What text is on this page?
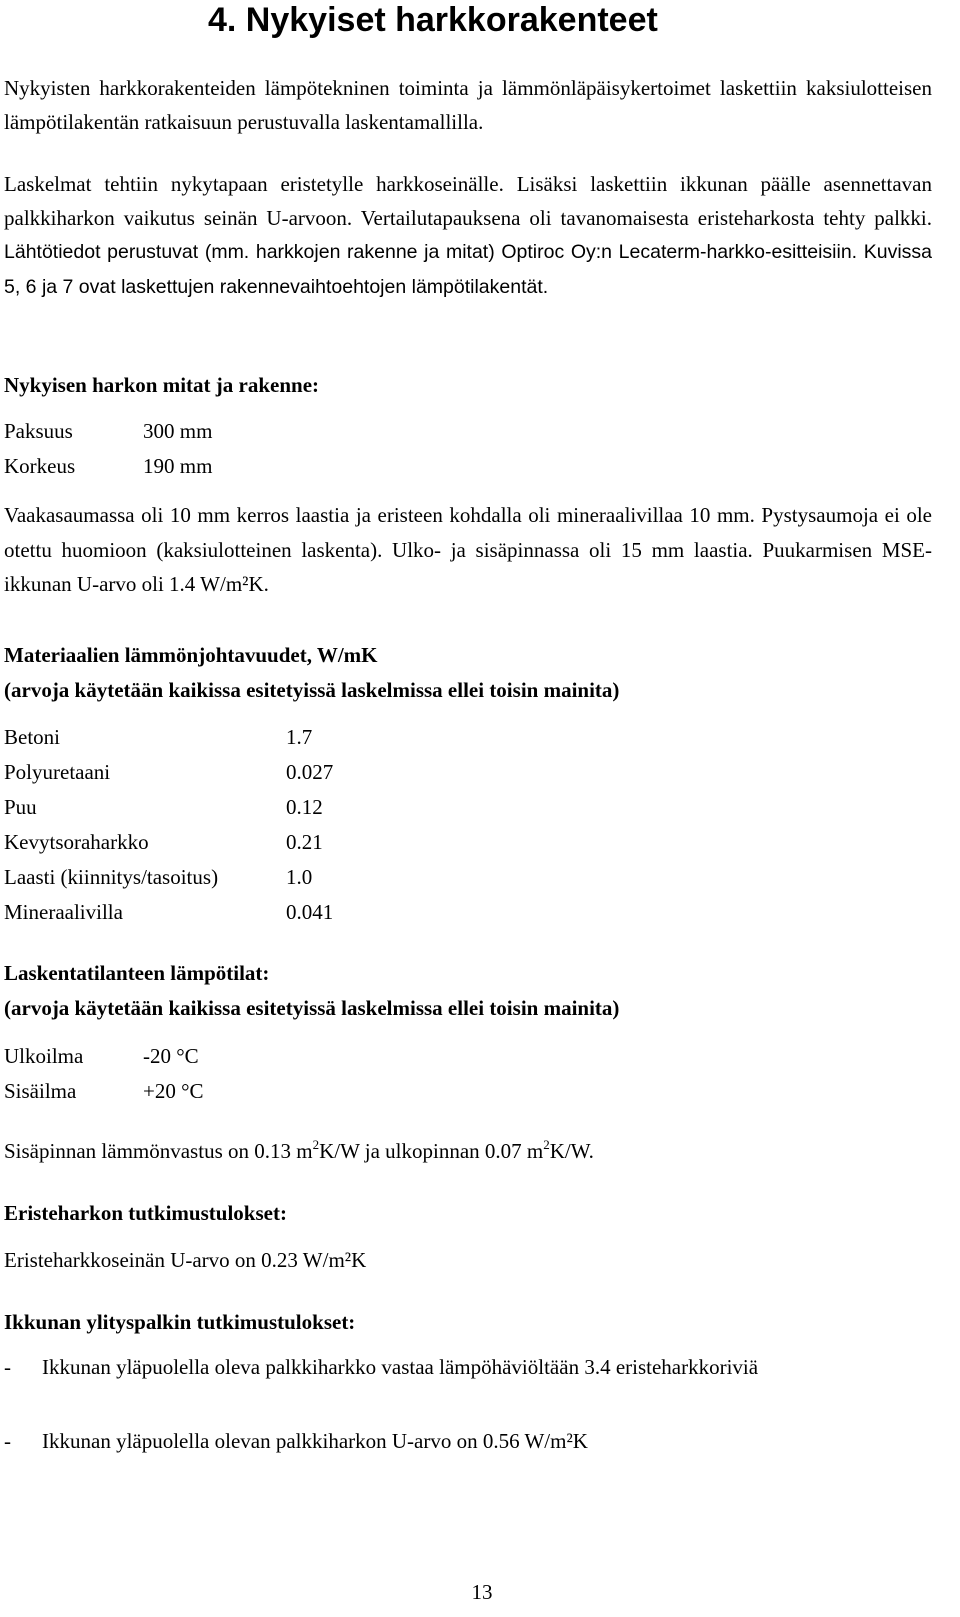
4. Nykyiset harkkorakenteet
Nykyisten harkkorakenteiden lämpötekninen toiminta ja lämmönläpäisykertoimet laskettiin kaksiulotteisen lämpötilakentän ratkaisuun perustuvalla laskentamallilla.
Laskelmat tehtiin nykytapaan eristetylle harkkoseinälle. Lisäksi laskettiin ikkunan päälle asennettavan palkkiharkon vaikutus seinän U-arvoon. Vertailutapauksena oli tavanomaisesta eristeharkosta tehty palkki. Lähtötiedot perustuvat (mm. harkkojen rakenne ja mitat) Optiroc Oy:n Lecaterm-harkko-esitteisiin. Kuvissa 5, 6 ja 7 ovat laskettujen rakennevaihtoehtojen lämpötilakentät.
Nykyisen harkon mitat ja rakenne:
Paksuus	300 mm
Korkeus	190 mm
Vaakasaumassa oli 10 mm kerros laastia ja eristeen kohdalla oli mineraalivillaa 10 mm. Pystysaumoja ei ole otettu huomioon (kaksiulotteinen laskenta). Ulko- ja sisäpinnassa oli 15 mm laastia. Puukarmisen MSE-ikkunan U-arvo oli 1.4 W/m²K.
Materiaalien lämmönjohtavuudet, W/mK
(arvoja käytetään kaikissa esitetyissä laskelmissa ellei toisin mainita)
Betoni	1.7
Polyuretaani	0.027
Puu	0.12
Kevytsoraharkko	0.21
Laasti (kiinnitys/tasoitus)	1.0
Mineraalivilla	0.041
Laskentatilanteen lämpötilat:
(arvoja käytetään kaikissa esitetyissä laskelmissa ellei toisin mainita)
Ulkoilma	-20 °C
Sisäilma	+20 °C
Sisäpinnan lämmönvastus on 0.13 $m^2K/W$ ja ulkopinnan 0.07 $m^2K/W$.
Eristeharkon tutkimustulokset:
Eristeharkkoseinän U-arvo on 0.23 W/m²K
Ikkunan ylityspalkin tutkimustulokset:
- Ikkunan yläpuolella oleva palkkiharkko vastaa lämpöhäviöltään 3.4 eristeharkkoriviä
- Ikkunan yläpuolella olevan palkkiharkon U-arvo on 0.56 W/m²K
13
